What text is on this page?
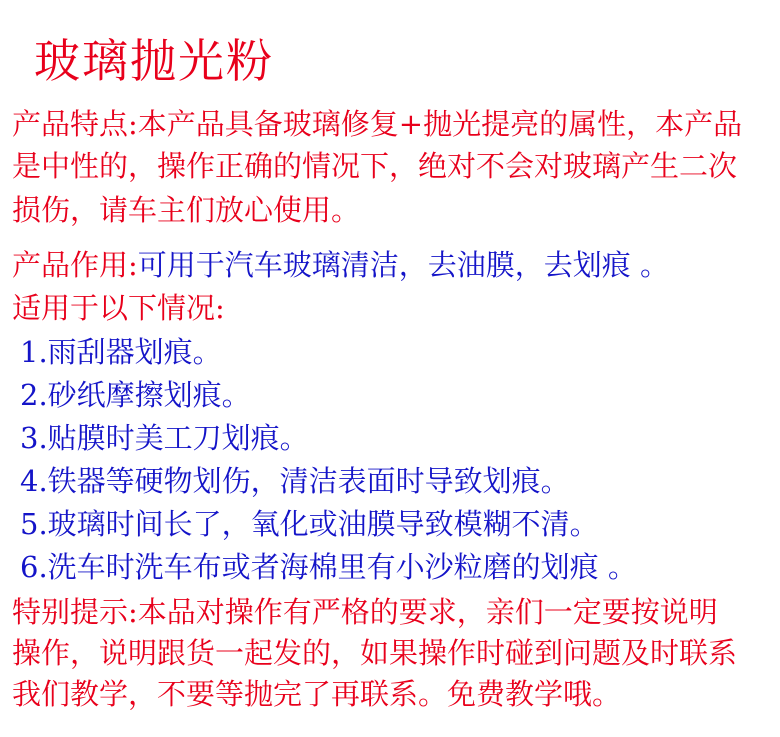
玻璃抛光粉
产品特点:本产品具备玻璃修复+抛光提亮的属性，本产品
是中性的，操作正确的情况下，绝对不会对玻璃产生二次
损伤，请车主们放心使用。
产品作用:可用于汽车玻璃清洁，去油膜，去划痕 。
适用于以下情况:
1.雨刮器划痕。
2.砂纸摩擦划痕。
3.贴膜时美工刀划痕。
4.铁器等硬物划伤，清洁表面时导致划痕。
5.玻璃时间长了，氧化或油膜导致模糊不清。
6.洗车时洗车布或者海棉里有小沙粒磨的划痕 。
特别提示:本品对操作有严格的要求，亲们一定要按说明
操作，说明跟货一起发的，如果操作时碰到问题及时联系
我们教学，不要等抛完了再联系。免费教学哦。
